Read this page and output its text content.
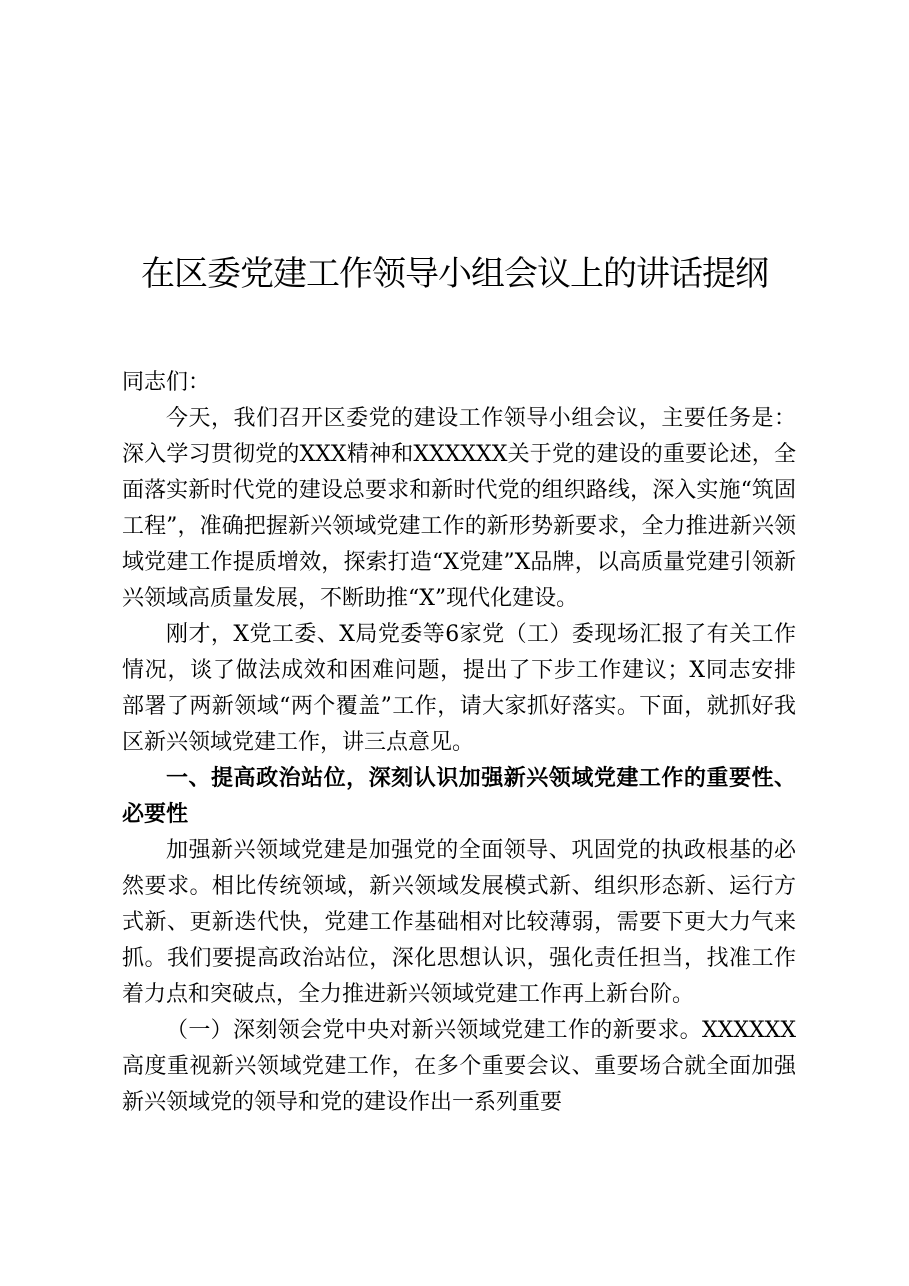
在区委党建工作领导小组会议上的讲话提纲

同志们：

今天，我们召开区委党的建设工作领导小组会议，主要任务是：深入学习贯彻党的XXX精神和XXXXXX关于党的建设的重要论述，全面落实新时代党的建设总要求和新时代党的组织路线，深入实施“筑固工程”，准确把握新兴领域党建工作的新形势新要求，全力推进新兴领域党建工作提质增效，探索打造“X党建”X品牌，以高质量党建引领新兴领域高质量发展，不断助推“X”现代化建设。

刚才，X党工委、X局党委等6家党（工）委现场汇报了有关工作情况，谈了做法成效和困难问题，提出了下步工作建议；X同志安排部署了两新领域“两个覆盖”工作，请大家抓好落实。下面，就抓好我区新兴领域党建工作，讲三点意见。

一、提高政治站位，深刻认识加强新兴领域党建工作的重要性、必要性

加强新兴领域党建是加强党的全面领导、巩固党的执政根基的必然要求。相比传统领域，新兴领域发展模式新、组织形态新、运行方式新、更新迭代快，党建工作基础相对比较薄弱，需要下更大力气来抓。我们要提高政治站位，深化思想认识，强化责任担当，找准工作着力点和突破点，全力推进新兴领域党建工作再上新台阶。

（一）深刻领会党中央对新兴领域党建工作的新要求。XXXXXX高度重视新兴领域党建工作，在多个重要会议、重要场合就全面加强新兴领域党的领导和党的建设作出一系列重要
